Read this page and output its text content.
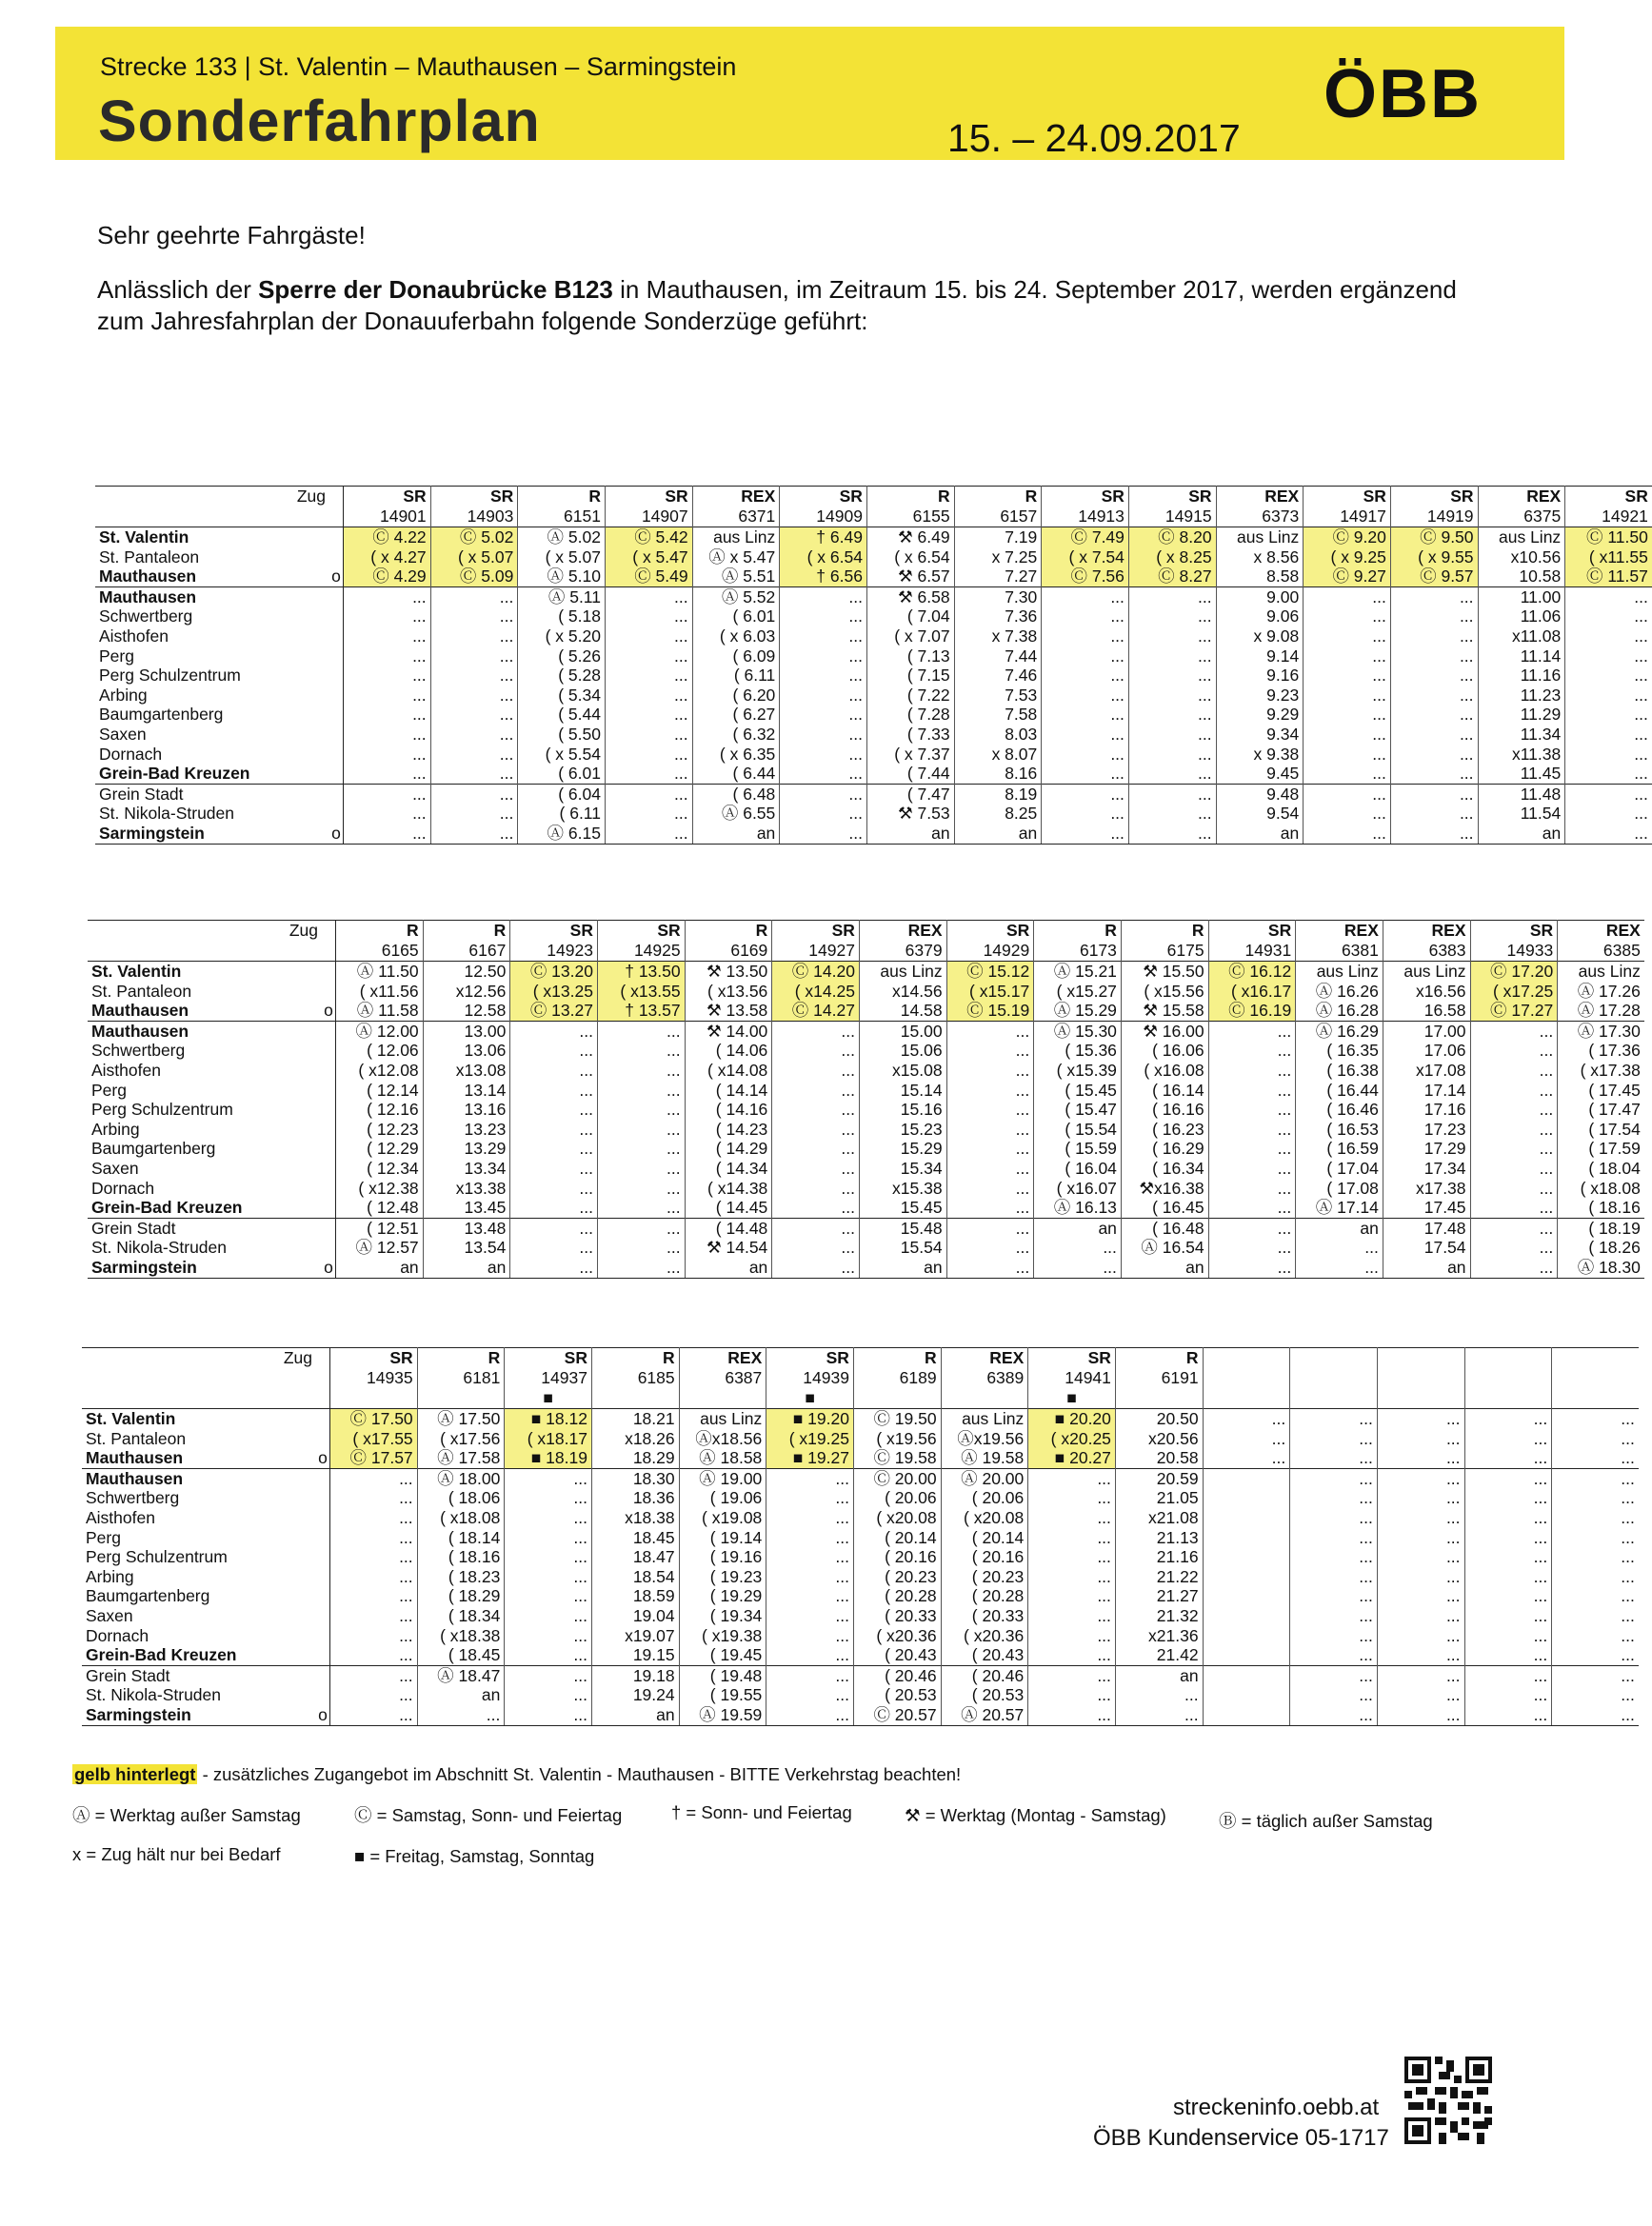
Strecke 133 | St. Valentin – Mauthausen – Sarmingstein
Sonderfahrplan	15. – 24.09.2017
ÖBB
Sehr geehrte Fahrgäste!
Anlässlich der Sperre der Donaubrücke B123 in Mauthausen, im Zeitraum 15. bis 24. September 2017, werden ergänzend zum Jahresfahrplan der Donauuferbahn folgende Sonderzüge geführt:
Zug		SR	SR	R	SR	REX	SR	R	R	SR	SR	REX	SR	SR	REX	SR
		14901	14903	6151	14907	6371	14909	6155	6157	14913	14915	6373	14917	14919	6375	14921
St. Valentin		Ⓒ 4.22	Ⓒ 5.02	Ⓐ 5.02	Ⓒ 5.42	aus Linz	† 6.49	⚒ 6.49	7.19	Ⓒ 7.49	Ⓒ 8.20	aus Linz	Ⓒ 9.20	Ⓒ 9.50	aus Linz	Ⓒ 11.50
St. Pantaleon		( x 4.27	( x 5.07	( x 5.07	( x 5.47	Ⓐ x 5.47	( x 6.54	( x 6.54	x 7.25	( x 7.54	( x 8.25	x 8.56	( x 9.25	( x 9.55	x10.56	( x11.55
Mauthausen	o	Ⓒ 4.29	Ⓒ 5.09	Ⓐ 5.10	Ⓒ 5.49	Ⓐ 5.51	† 6.56	⚒ 6.57	7.27	Ⓒ 7.56	Ⓒ 8.27	8.58	Ⓒ 9.27	Ⓒ 9.57	10.58	Ⓒ 11.57
Mauthausen		...	...	Ⓐ 5.11	...	Ⓐ 5.52	...	⚒ 6.58	7.30	...	...	9.00	...	...	11.00	...
Schwertberg		...	...	( 5.18	...	( 6.01	...	( 7.04	7.36	...	...	9.06	...	...	11.06	...
Aisthofen		...	...	( x 5.20	...	( x 6.03	...	( x 7.07	x 7.38	...	...	x 9.08	...	...	x11.08	...
Perg		...	...	( 5.26	...	( 6.09	...	( 7.13	7.44	...	...	9.14	...	...	11.14	...
Perg Schulzentrum		...	...	( 5.28	...	( 6.11	...	( 7.15	7.46	...	...	9.16	...	...	11.16	...
Arbing		...	...	( 5.34	...	( 6.20	...	( 7.22	7.53	...	...	9.23	...	...	11.23	...
Baumgartenberg		...	...	( 5.44	...	( 6.27	...	( 7.28	7.58	...	...	9.29	...	...	11.29	...
Saxen		...	...	( 5.50	...	( 6.32	...	( 7.33	8.03	...	...	9.34	...	...	11.34	...
Dornach		...	...	( x 5.54	...	( x 6.35	...	( x 7.37	x 8.07	...	...	x 9.38	...	...	x11.38	...
Grein-Bad Kreuzen		...	...	( 6.01	...	( 6.44	...	( 7.44	8.16	...	...	9.45	...	...	11.45	...
Grein Stadt		...	...	( 6.04	...	( 6.48	...	( 7.47	8.19	...	...	9.48	...	...	11.48	...
St. Nikola-Struden		...	...	( 6.11	...	Ⓐ 6.55	...	⚒ 7.53	8.25	...	...	9.54	...	...	11.54	...
Sarmingstein	o	...	...	Ⓐ 6.15	...	an	...	an	an	...	...	an	...	...	an	...
Zug		R	R	SR	SR	R	SR	REX	SR	R	R	SR	REX	REX	SR	REX
		6165	6167	14923	14925	6169	14927	6379	14929	6173	6175	14931	6381	6383	14933	6385
St. Valentin		Ⓐ 11.50	12.50	Ⓒ 13.20	† 13.50	⚒ 13.50	Ⓒ 14.20	aus Linz	Ⓒ 15.12	Ⓐ 15.21	⚒ 15.50	Ⓒ 16.12	aus Linz	aus Linz	Ⓒ 17.20	aus Linz
St. Pantaleon		( x11.56	x12.56	( x13.25	( x13.55	( x13.56	( x14.25	x14.56	( x15.17	( x15.27	( x15.56	( x16.17	Ⓐ 16.26	x16.56	( x17.25	Ⓐ 17.26
Mauthausen	o	Ⓐ 11.58	12.58	Ⓒ 13.27	† 13.57	⚒ 13.58	Ⓒ 14.27	14.58	Ⓒ 15.19	Ⓐ 15.29	⚒ 15.58	Ⓒ 16.19	Ⓐ 16.28	16.58	Ⓒ 17.27	Ⓐ 17.28
Mauthausen		Ⓐ 12.00	13.00	...	...	⚒ 14.00	...	15.00	...	Ⓐ 15.30	⚒ 16.00	...	Ⓐ 16.29	17.00	...	Ⓐ 17.30
Schwertberg		( 12.06	13.06	...	...	( 14.06	...	15.06	...	( 15.36	( 16.06	...	( 16.35	17.06	...	( 17.36
Aisthofen		( x12.08	x13.08	...	...	( x14.08	...	x15.08	...	( x15.39	( x16.08	...	( 16.38	x17.08	...	( x17.38
Perg		( 12.14	13.14	...	...	( 14.14	...	15.14	...	( 15.45	( 16.14	...	( 16.44	17.14	...	( 17.45
Perg Schulzentrum		( 12.16	13.16	...	...	( 14.16	...	15.16	...	( 15.47	( 16.16	...	( 16.46	17.16	...	( 17.47
Arbing		( 12.23	13.23	...	...	( 14.23	...	15.23	...	( 15.54	( 16.23	...	( 16.53	17.23	...	( 17.54
Baumgartenberg		( 12.29	13.29	...	...	( 14.29	...	15.29	...	( 15.59	( 16.29	...	( 16.59	17.29	...	( 17.59
Saxen		( 12.34	13.34	...	...	( 14.34	...	15.34	...	( 16.04	( 16.34	...	( 17.04	17.34	...	( 18.04
Dornach		( x12.38	x13.38	...	...	( x14.38	...	x15.38	...	( x16.07	⚒x16.38	...	( 17.08	x17.38	...	( x18.08
Grein-Bad Kreuzen		( 12.48	13.45	...	...	( 14.45	...	15.45	...	Ⓐ 16.13	( 16.45	...	Ⓐ 17.14	17.45	...	( 18.16
Grein Stadt		( 12.51	13.48	...	...	( 14.48	...	15.48	...	an	( 16.48	...	an	17.48	...	( 18.19
St. Nikola-Struden		Ⓐ 12.57	13.54	...	...	⚒ 14.54	...	15.54	...	...	Ⓐ 16.54	...	...	17.54	...	( 18.26
Sarmingstein	o	an	an	...	...	an	...	an	...	...	an	...	...	an	...	Ⓐ 18.30
Zug		SR	R	SR	R	REX	SR	R	REX	SR	R					
		14935	6181	14937	6185	6387	14939	6189	6389	14941	6191					
				■			■			■						
St. Valentin		Ⓒ 17.50	Ⓐ 17.50	■ 18.12	18.21	aus Linz	■ 19.20	Ⓒ 19.50	aus Linz	■ 20.20	20.50	...	...	...	...	...
St. Pantaleon		( x17.55	( x17.56	( x18.17	x18.26	Ⓐx18.56	( x19.25	( x19.56	Ⓐx19.56	( x20.25	x20.56	...	...	...	...	...
Mauthausen	o	Ⓒ 17.57	Ⓐ 17.58	■ 18.19	18.29	Ⓐ 18.58	■ 19.27	Ⓒ 19.58	Ⓐ 19.58	■ 20.27	20.58	...	...	...	...	...
Mauthausen		...	Ⓐ 18.00	...	18.30	Ⓐ 19.00	...	Ⓒ 20.00	Ⓐ 20.00	...	20.59		...	...	...	...
Schwertberg		...	( 18.06	...	18.36	( 19.06	...	( 20.06	( 20.06	...	21.05		...	...	...	...
Aisthofen		...	( x18.08	...	x18.38	( x19.08	...	( x20.08	( x20.08	...	x21.08		...	...	...	...
Perg		...	( 18.14	...	18.45	( 19.14	...	( 20.14	( 20.14	...	21.13		...	...	...	...
Perg Schulzentrum		...	( 18.16	...	18.47	( 19.16	...	( 20.16	( 20.16	...	21.16		...	...	...	...
Arbing		...	( 18.23	...	18.54	( 19.23	...	( 20.23	( 20.23	...	21.22		...	...	...	...
Baumgartenberg		...	( 18.29	...	18.59	( 19.29	...	( 20.28	( 20.28	...	21.27		...	...	...	...
Saxen		...	( 18.34	...	19.04	( 19.34	...	( 20.33	( 20.33	...	21.32		...	...	...	...
Dornach		...	( x18.38	...	x19.07	( x19.38	...	( x20.36	( x20.36	...	x21.36		...	...	...	...
Grein-Bad Kreuzen		...	( 18.45	...	19.15	( 19.45	...	( 20.43	( 20.43	...	21.42		...	...	...	...
Grein Stadt		...	Ⓐ 18.47	...	19.18	( 19.48	...	( 20.46	( 20.46	...	an		...	...	...	...
St. Nikola-Struden		...	an	...	19.24	( 19.55	...	( 20.53	( 20.53	...	...		...	...	...	...
Sarmingstein	o	...	...	...	an	Ⓐ 19.59	...	Ⓒ 20.57	Ⓐ 20.57	...	...		...	...	...	...
gelb hinterlegt - zusätzliches Zugangebot im Abschnitt St. Valentin - Mauthausen - BITTE Verkehrstag beachten!
Ⓐ = Werktag außer Samstag	Ⓒ = Samstag, Sonn- und Feiertag	† = Sonn- und Feiertag	⚒ = Werktag (Montag - Samstag)	Ⓑ = täglich außer Samstag
x = Zug hält nur bei Bedarf	■ = Freitag, Samstag, Sonntag
streckeninfo.oebb.at
ÖBB Kundenservice 05-1717
